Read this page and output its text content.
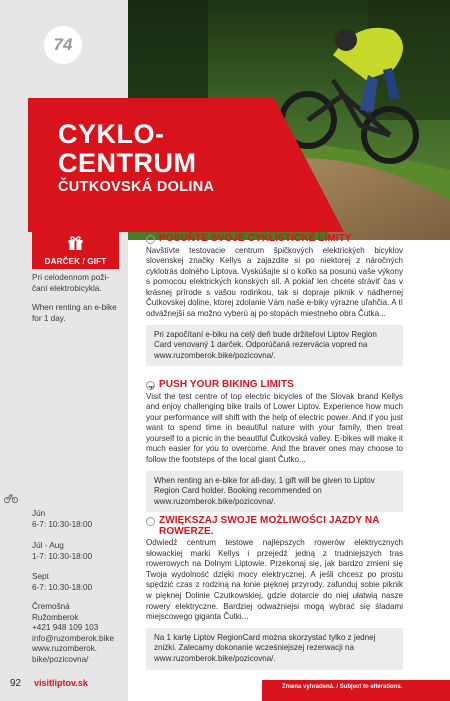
74
CYKLO-
CENTRUM
ČUTKOVSKÁ DOLINA
DARČEK / GIFT
Pri celodennom poži-čaní elektrobicykla.
When renting an e-bike for 1 day.
Jún
6-7: 10:30-18:00
Júl - Aug
1-7: 10:30-18:00
Sept
6-7: 10:30-18:00
Čremošná
Ružomberok
+421 948 109 103
info@ruzomberok.bike
www.ruzomberok.
bike/pozicovna/
POSUŇTE SVOJE CYKLISTICKÉ LIMITY

Navštívte testovacie centrum špičkových elektrických bicyklov slovenskej značky Kellys a zajazdite si po niektorej z náročných cyklotrás dolného Liptova. Vyskúšajte si o koľko sa posunú vaše výkony s pomocou elektrických konských síl. A pokiaľ len chcete stráviť čas v krásnej prírode s vašou rodinkou, tak si dopraje piknik v nádhernej Čutkovskej doline, ktorej zdolanie Vám naše e-biky výrazne uľahčia. A tí odvážnejší sa možno vyberú aj po stopách miestneho obra Čutka...

Pri započítaní e-biku na celý deň bude držiteľovi Liptov Region Card venovaný 1 darček. Odporúčaná rezervácia vopred na www.ruzomberok.bike/pozicovna/.
PUSH YOUR BIKING LIMITS

Visit the test centre of top electric bicycles of the Slovak brand Kellys and enjoy challenging bike trails of Lower Liptov. Experience how much your performance will shift with the help of electric power. And if you just want to spend time in beautiful nature with your family, then treat yourself to a picnic in the beautiful Čutkovská valley. E-bikes will make it much easier for you to overcome. And the braver ones may choose to follow the footsteps of the local giant Čutko...

When renting an e-bike for all-day, 1 gift will be given to Liptov Region Card holder. Booking recommended on www.ruzomberok.bike/pozicovna/.
ZWIĘKSZAJ SWOJE MOŻLIWOŚCI JAZDY NA ROWERZE.

Odwiedź centrum testowe najlepszych rowerów elektrycznych słowackiej marki Kellys i przejedź jedną z trudniejszych tras rowerowych na Dolnym Liptowie. Przekonaj się, jak bardzo zmieni się Twoja wydolność dzięki mocy elektrycznej. A jeśli chcesz po prostu spędzić czas z rodziną na łonie pięknej przyrody, zafunduj sobie piknik w pięknej Dolinie Czutkowskiej, gdzie dotarcie do niej ułatwią nasze rowery elektryczne. Bardziej odważniejsi mogą wybrać się śladami miejscowego giganta Čutki...

Na 1 kartę Liptov RegionCard można skorzystać tylko z jednej zniżki. Zalecamy dokonanie wcześniejszej rezerwacji na www.ruzomberok.bike/pozicovna/.
92 visitliptov.sk	Zmena vyhradená. / Subject to alterations.
